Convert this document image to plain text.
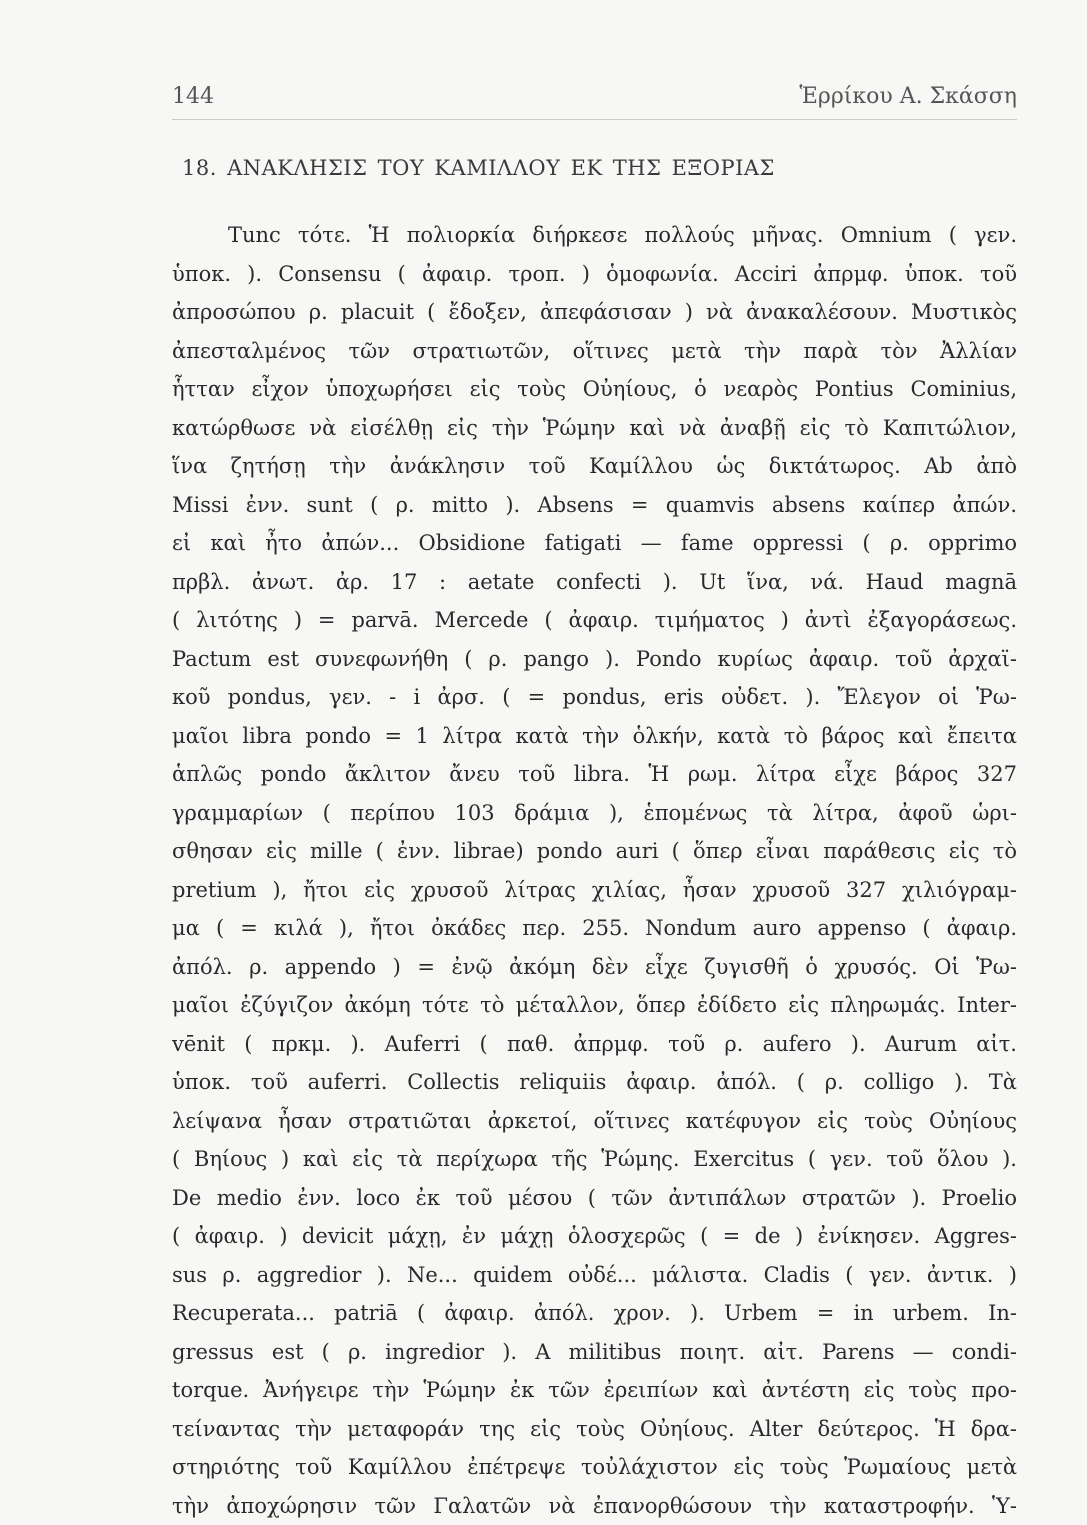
144	Ἑρρίκου Α. Σκάσση
18. ΑΝΑΚΛΗΣΙΣ ΤΟΥ ΚΑΜΙΛΛΟΥ ΕΚ ΤΗΣ ΕΞΟΡΙΑΣ
Tunc τότε. Ἡ πολιορκία διήρκεσε πολλούς μῆνας. Omnium ( γεν.
ὑποκ. ). Consensu ( ἀφαιρ. τροπ. ) ὁμοφωνία. Acciri ἀπρμφ. ὑποκ. τοῦ
ἀπροσώπου ρ. placuit ( ἔδοξεν, ἀπεφάσισαν ) νὰ ἀνακαλέσουν. Μυστικὸς
ἀπεσταλμένος τῶν στρατιωτῶν, οἵτινες μετὰ τὴν παρὰ τὸν Ἀλλίαν
ἧτταν εἶχον ὑποχωρήσει εἰς τοὺς Οὐηίους, ὁ νεαρὸς Pontius Cominius,
κατώρθωσε νὰ εἰσέλθῃ εἰς τὴν Ῥώμην καὶ νὰ ἀναβῇ εἰς τὸ Καπιτώλιον,
ἵνα ζητήσῃ τὴν ἀνάκλησιν τοῦ Καμίλλου ὡς δικτάτωρος. Ab ἀπὸ
Missi ἐνν. sunt ( ρ. mitto ). Absens = quamvis absens καίπερ ἀπών.
εἰ καὶ ἦτο ἀπών... Obsidione fatigati — fame oppressi ( ρ. opprimo
πρβλ. ἀνωτ. ἀρ. 17 : aetate confecti ). Ut ἵνα, νά. Haud magnā
( λιτότης ) = parvā. Mercede ( ἀφαιρ. τιμήματος ) ἀντὶ ἐξαγοράσεως.
Pactum est συνεφωνήθη ( ρ. pango ). Pondo κυρίως ἀφαιρ. τοῦ ἀρχαϊ-
κοῦ pondus, γεν. - i ἀρσ. ( = pondus, eris οὐδετ. ). Ἔλεγον οἱ Ῥω-
μαῖοι libra pondo = 1 λίτρα κατὰ τὴν ὁλκήν, κατὰ τὸ βάρος καὶ ἔπειτα
ἁπλῶς pondo ἄκλιτον ἄνευ τοῦ libra. Ἡ ρωμ. λίτρα εἶχε βάρος 327
γραμμαρίων ( περίπου 103 δράμια ), ἑπομένως τὰ λίτρα, ἀφοῦ ὡρι-
σθησαν εἰς mille ( ἐνν. librae) pondo auri ( ὅπερ εἶναι παράθεσις εἰς τὸ
pretium ), ἤτοι εἰς χρυσοῦ λίτρας χιλίας, ἦσαν χρυσοῦ 327 χιλιόγραμ-
μα ( = κιλά ), ἤτοι ὀκάδες περ. 255. Nondum auro appenso ( ἀφαιρ.
ἀπόλ. ρ. appendo ) = ἐνῷ ἀκόμη δὲν εἶχε ζυγισθῆ ὁ χρυσός. Οἱ Ῥω-
μαῖοι ἐζύγιζον ἀκόμη τότε τὸ μέταλλον, ὅπερ ἐδίδετο εἰς πληρωμάς. Inter-
vēnit ( πρκμ. ). Auferri ( παθ. ἀπρμφ. τοῦ ρ. aufero ). Aurum αἰτ.
ὑποκ. τοῦ auferri. Collectis reliquiis ἀφαιρ. ἀπόλ. ( ρ. colligo ). Τὰ
λείψανα ἦσαν στρατιῶται ἀρκετοί, οἵτινες κατέφυγον εἰς τοὺς Οὐηίους
( Βηίους ) καὶ εἰς τὰ περίχωρα τῆς Ῥώμης. Exercitus ( γεν. τοῦ ὅλου ).
De medio ἐνν. loco ἐκ τοῦ μέσου ( τῶν ἀντιπάλων στρατῶν ). Proelio
( ἀφαιρ. ) devicit μάχῃ, ἐν μάχῃ ὁλοσχερῶς ( = de ) ἐνίκησεν. Aggres-
sus ρ. aggredior ). Ne... quidem οὐδέ... μάλιστα. Cladis ( γεν. ἀντικ. )
Recuperata... patriā ( ἀφαιρ. ἀπόλ. χρον. ). Urbem = in urbem. In-
gressus est ( ρ. ingredior ). A militibus ποιητ. αἰτ. Parens — condi-
torque. Ἀνήγειρε τὴν Ῥώμην ἐκ τῶν ἐρειπίων καὶ ἀντέστη εἰς τοὺς προ-
τείναντας τὴν μεταφοράν της εἰς τοὺς Οὐηίους. Alter δεύτερος. Ἡ δρα-
στηριότης τοῦ Καμίλλου ἐπέτρεψε τοὐλάχιστον εἰς τοὺς Ῥωμαίους μετὰ
τὴν ἀποχώρησιν τῶν Γαλατῶν νὰ ἐπανορθώσουν τὴν καταστροφήν. Ὑ-
